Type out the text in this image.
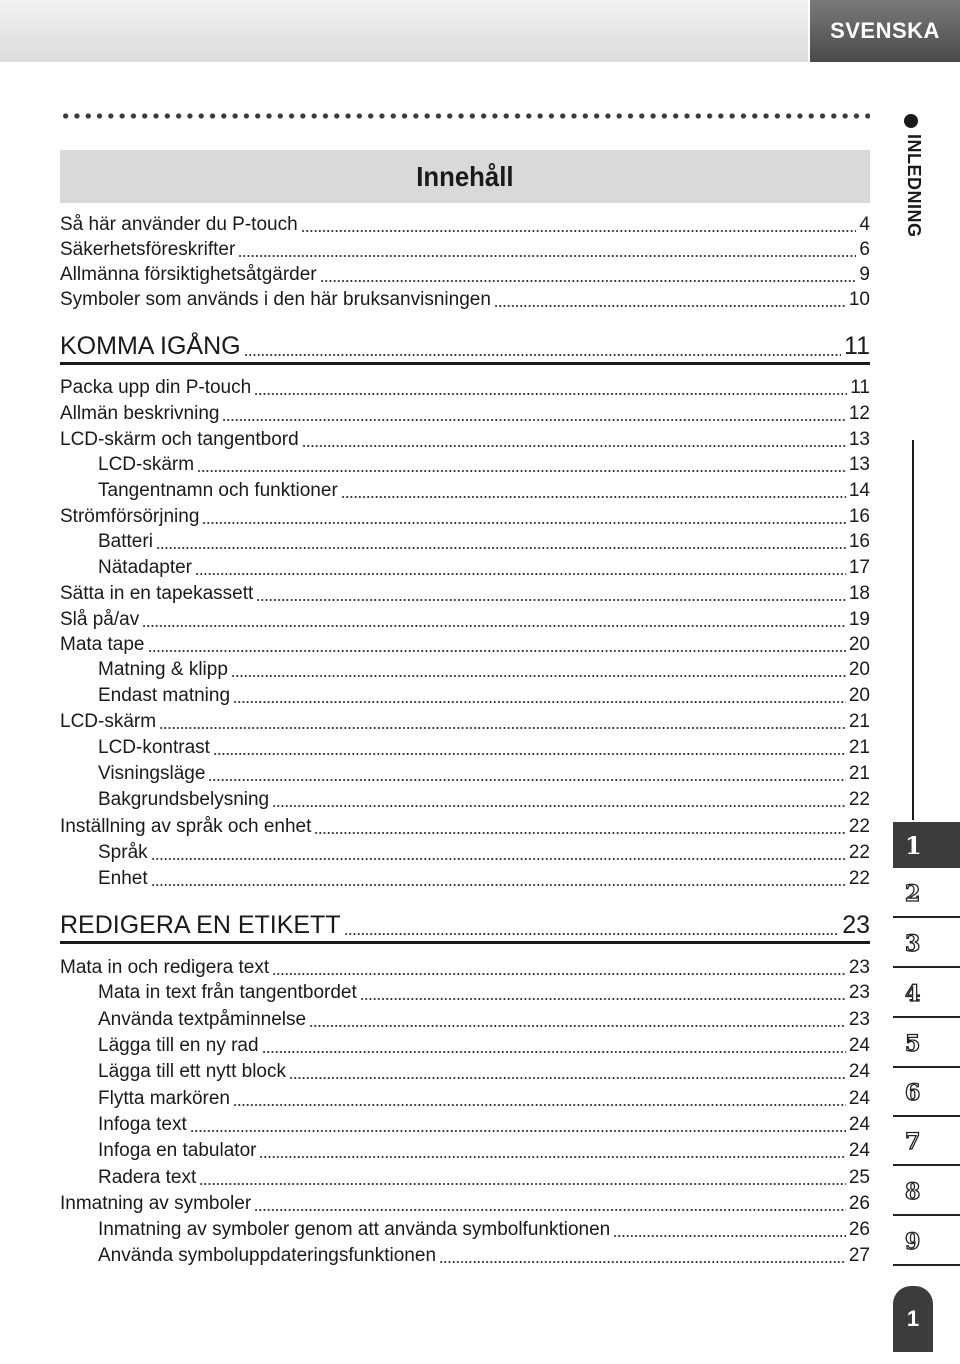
SVENSKA
Innehåll	INLEDNING
Så här använder du P-touch	4
Säkerhetsföreskrifter	6
Allmänna försiktighetsåtgärder	9
Symboler som används i den här bruksanvisningen	10
KOMMA IGÅNG	11
Packa upp din P-touch	11
Allmän beskrivning	12
LCD-skärm och tangentbord	13
LCD-skärm	13
Tangentnamn och funktioner	14
Strömförsörjning	16
Batteri	16
Nätadapter	17
Sätta in en tapekassett	18
Slå på/av	19
Mata tape	20
Matning & klipp	20
Endast matning	20
LCD-skärm	21
LCD-kontrast	21
Visningsläge	21
Bakgrundsbelysning	22
Inställning av språk och enhet	22
Språk	22
Enhet	22
REDIGERA EN ETIKETT	23
Mata in och redigera text	23
Mata in text från tangentbordet	23
Använda textpåminnelse	23
Lägga till en ny rad	24
Lägga till ett nytt block	24
Flytta markören	24
Infoga text	24
Infoga en tabulator	24
Radera text	25
Inmatning av symboler	26
Inmatning av symboler genom att använda symbolfunktionen	26
Använda symboluppdateringsfunktionen	27
1
2
3
4
5
6
7
8
9
1
